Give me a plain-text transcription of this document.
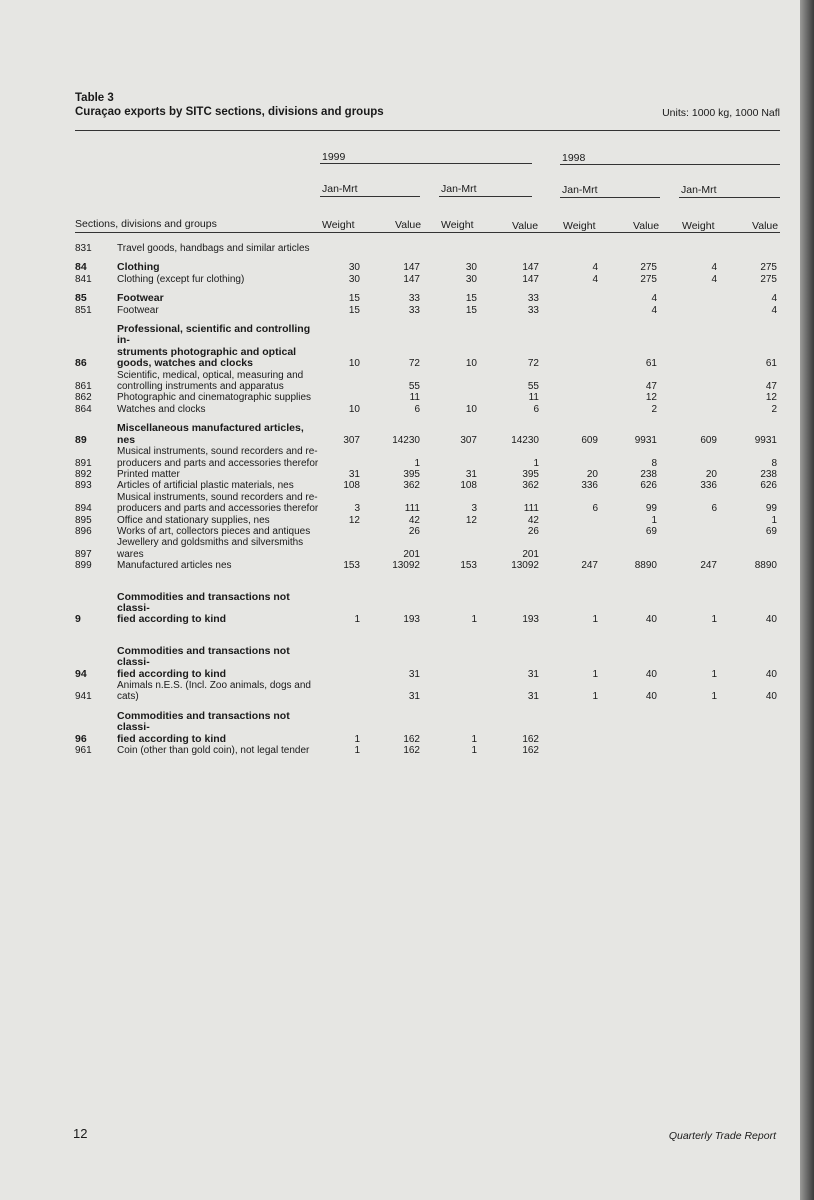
Table 3
Curaçao exports by SITC sections, divisions and groups	Units: 1000 kg, 1000 Nafl
1999	1998
Jan-Mrt	Jan-Mrt	Jan-Mrt	Jan-Mrt
Sections, divisions and groups	Weight	Value Weight	Value Weight	Value Weight	Value
831	Travel goods, handbags and similar articles								

84	Clothing	30	147	30	147	4	275	4	275
841	Clothing (except fur clothing)	30	147	30	147	4	275	4	275

85	Footwear	15	33	15	33		4		4
851	Footwear	15	33	15	33		4		4

86	Professional, scientific and controlling in-
struments photographic and optical
goods, watches and clocks	10	72	10	72		61		61
861	Scientific, medical, optical, measuring and
controlling instruments and apparatus		55		55		47		47
862	Photographic and cinematographic supplies		11		11		12		12
864	Watches and clocks	10	6	10	6		2		2

89	Miscellaneous manufactured articles, nes	307	14230	307	14230	609	9931	609	9931
891	Musical instruments, sound recorders and re-
producers and parts and accessories therefor		1		1		8		8
892	Printed matter	31	395	31	395	20	238	20	238
893	Articles of artificial plastic materials, nes	108	362	108	362	336	626	336	626
894	Musical instruments, sound recorders and re-
producers and parts and accessories therefor	3	111	3	111	6	99	6	99
895	Office and stationary supplies, nes	12	42	12	42		1		1
896	Works of art, collectors pieces and antiques		26		26		69		69
897	Jewellery and goldsmiths and silversmiths
wares		201		201				
899	Manufactured articles nes	153	13092	153	13092	247	8890	247	8890

9	Commodities and transactions not classi-
fied according to kind	1	193	1	193	1	40	1	40

94	Commodities and transactions not classi-
fied according to kind		31		31	1	40	1	40
941	Animals n.E.S. (Incl. Zoo animals, dogs and
cats)		31		31	1	40	1	40

96	Commodities and transactions not classi-
fied according to kind	1	162	1	162				
961	Coin (other than gold coin), not legal tender	1	162	1	162				
12	Quarterly Trade Report
